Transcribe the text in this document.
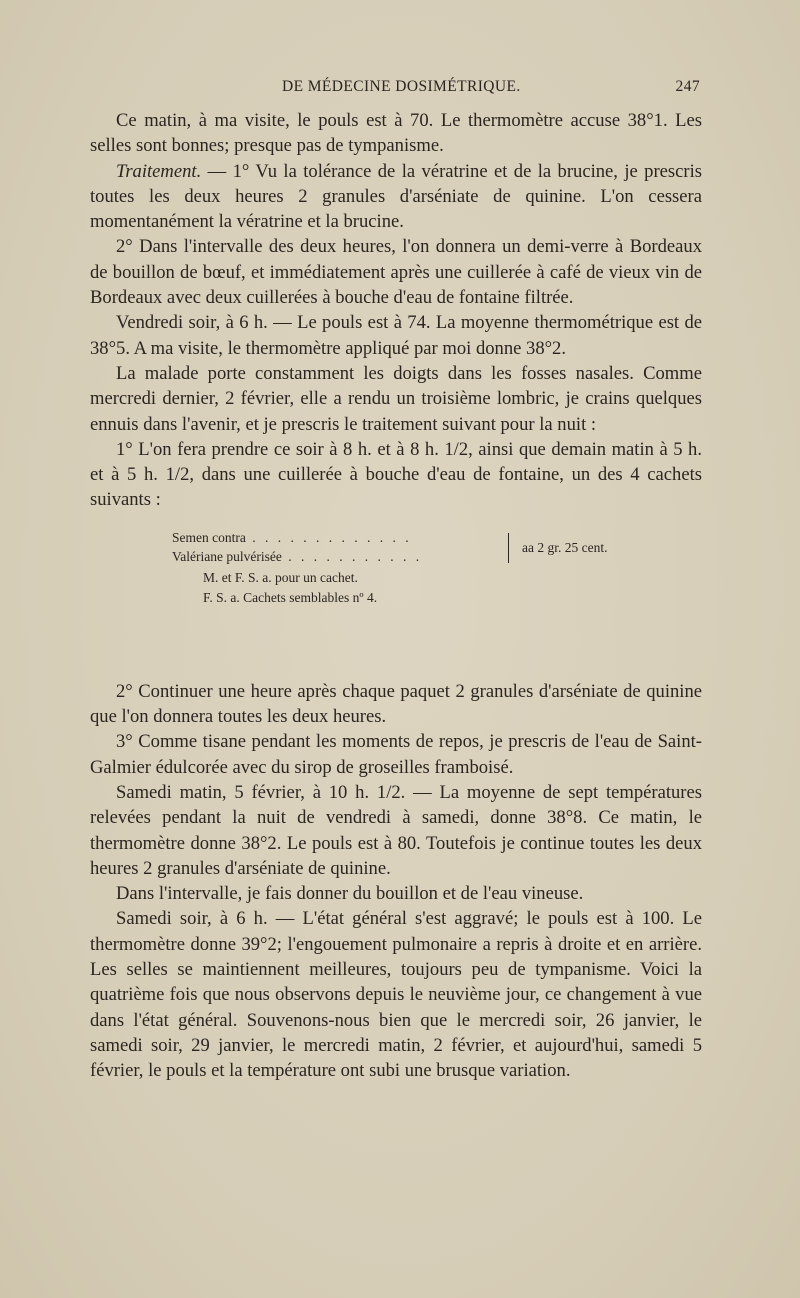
DE MÉDECINE DOSIMÉTRIQUE.	247

Ce matin, à ma visite, le pouls est à 70. Le thermomètre accuse 38°1. Les selles sont bonnes; presque pas de tympanisme.

Traitement. — 1° Vu la tolérance de la vératrine et de la brucine, je prescris toutes les deux heures 2 granules d'arséniate de quinine. L'on cessera momentanément la vératrine et la brucine.

2° Dans l'intervalle des deux heures, l'on donnera un demi-verre à Bordeaux de bouillon de bœuf, et immédiatement après une cuillerée à café de vieux vin de Bordeaux avec deux cuillerées à bouche d'eau de fontaine filtrée.

Vendredi soir, à 6 h. — Le pouls est à 74. La moyenne thermométrique est de 38°5. A ma visite, le thermomètre appliqué par moi donne 38°2.

La malade porte constamment les doigts dans les fosses nasales. Comme mercredi dernier, 2 février, elle a rendu un troisième lombric, je crains quelques ennuis dans l'avenir, et je prescris le traitement suivant pour la nuit :

1° L'on fera prendre ce soir à 8 h. et à 8 h. 1/2, ainsi que demain matin à 5 h. et à 5 h. 1/2, dans une cuillerée à bouche d'eau de fontaine, un des 4 cachets suivants :

Semen contra . . . . . . . . . . . . .
Valériane pulvérisée . . . . . . . . . . .
aa 2 gr. 25 cent.
M. et F. S. a. pour un cachet.
F. S. a. Cachets semblables nº 4.

2° Continuer une heure après chaque paquet 2 granules d'arséniate de quinine que l'on donnera toutes les deux heures.

3° Comme tisane pendant les moments de repos, je prescris de l'eau de Saint-Galmier édulcorée avec du sirop de groseilles framboisé.

Samedi matin, 5 février, à 10 h. 1/2. — La moyenne de sept températures relevées pendant la nuit de vendredi à samedi, donne 38°8. Ce matin, le thermomètre donne 38°2. Le pouls est à 80. Toutefois je continue toutes les deux heures 2 granules d'arséniate de quinine.

Dans l'intervalle, je fais donner du bouillon et de l'eau vineuse.

Samedi soir, à 6 h. — L'état général s'est aggravé; le pouls est à 100. Le thermomètre donne 39°2; l'engouement pulmonaire a repris à droite et en arrière. Les selles se maintiennent meilleures, toujours peu de tympanisme. Voici la quatrième fois que nous observons depuis le neuvième jour, ce changement à vue dans l'état général. Souvenons-nous bien que le mercredi soir, 26 janvier, le samedi soir, 29 janvier, le mercredi matin, 2 février, et aujourd'hui, samedi 5 février, le pouls et la température ont subi une brusque variation.
